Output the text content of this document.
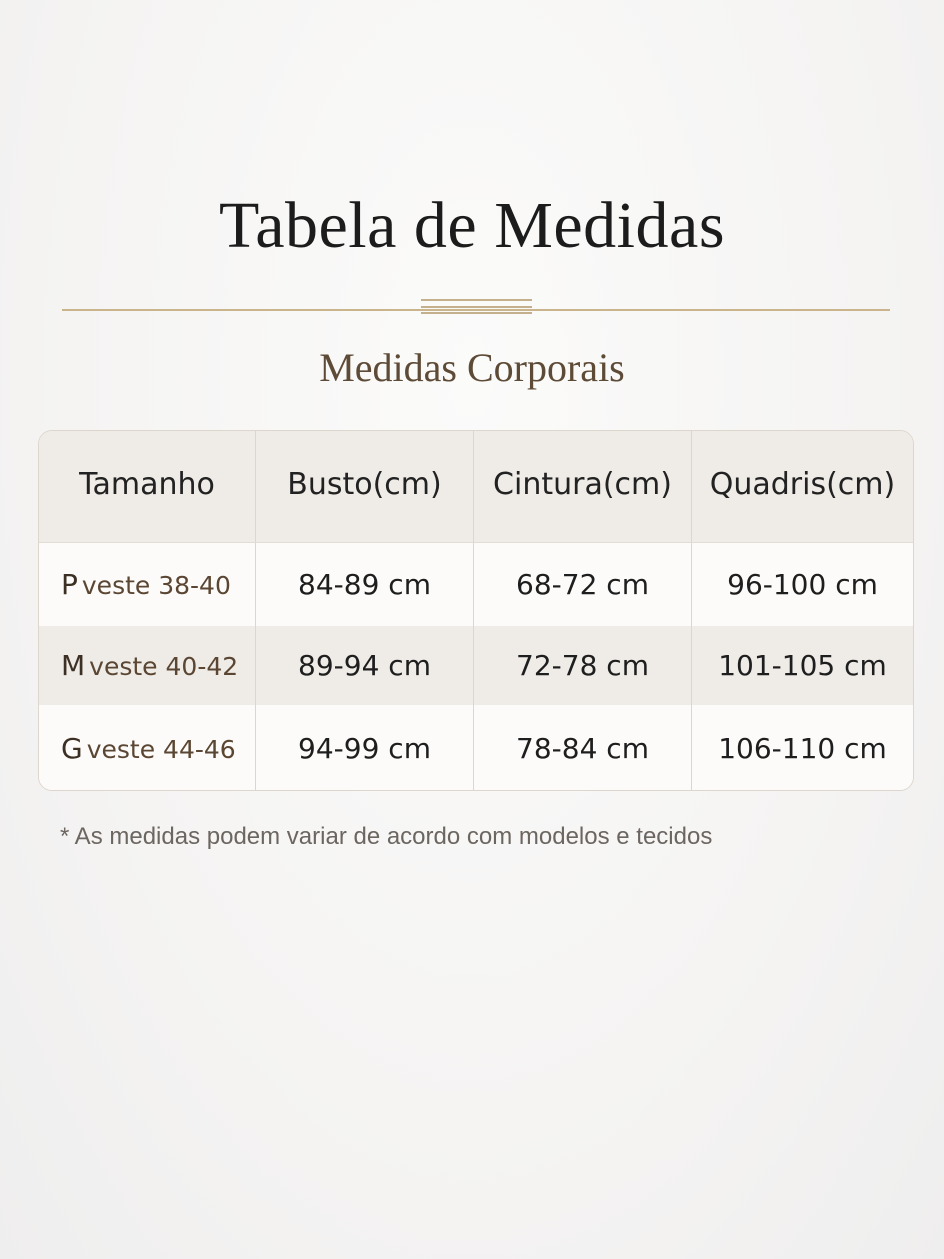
Tabela de Medidas
Medidas Corporais
Tamanho	Busto(cm)	Cintura(cm)	Quadris(cm)
P veste 38-40	84-89 cm	68-72 cm	96-100 cm
M veste 40-42	89-94 cm	72-78 cm	101-105 cm
G veste 44-46	94-99 cm	78-84 cm	106-110 cm
* As medidas podem variar de acordo com modelos e tecidos
